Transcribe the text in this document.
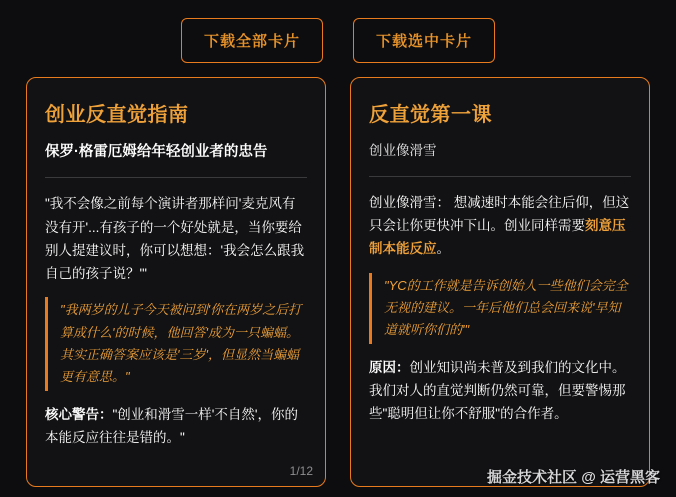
下载全部卡片	下载选中卡片
创业反直觉指南
保罗·格雷厄姆给年轻创业者的忠告

"我不会像之前每个演讲者那样问'麦克风有没有开'...有孩子的一个好处就是，当你要给别人提建议时，你可以想想：'我会怎么跟我自己的孩子说？'"

"我两岁的儿子今天被问到'你在两岁之后打算成什么'的时候，他回答'成为一只蝙蝠。其实正确答案应该是'三岁'，但显然当蝙蝠更有意思。"

核心警告："创业和滑雪一样'不自然'，你的本能反应往往是错的。"

1/12
反直觉第一课
创业像滑雪

创业像滑雪： 想减速时本能会往后仰，但这只会让你更快冲下山。创业同样需要刻意压制本能反应。

"YC的工作就是告诉创始人一些他们会完全无视的建议。一年后他们总会回来说'早知道就听你们的'"

原因：创业知识尚未普及到我们的文化中。我们对人的直觉判断仍然可靠，但要警惕那些"聪明但让你不舒服"的合作者。

掘金技术社区 @ 运营黑客
